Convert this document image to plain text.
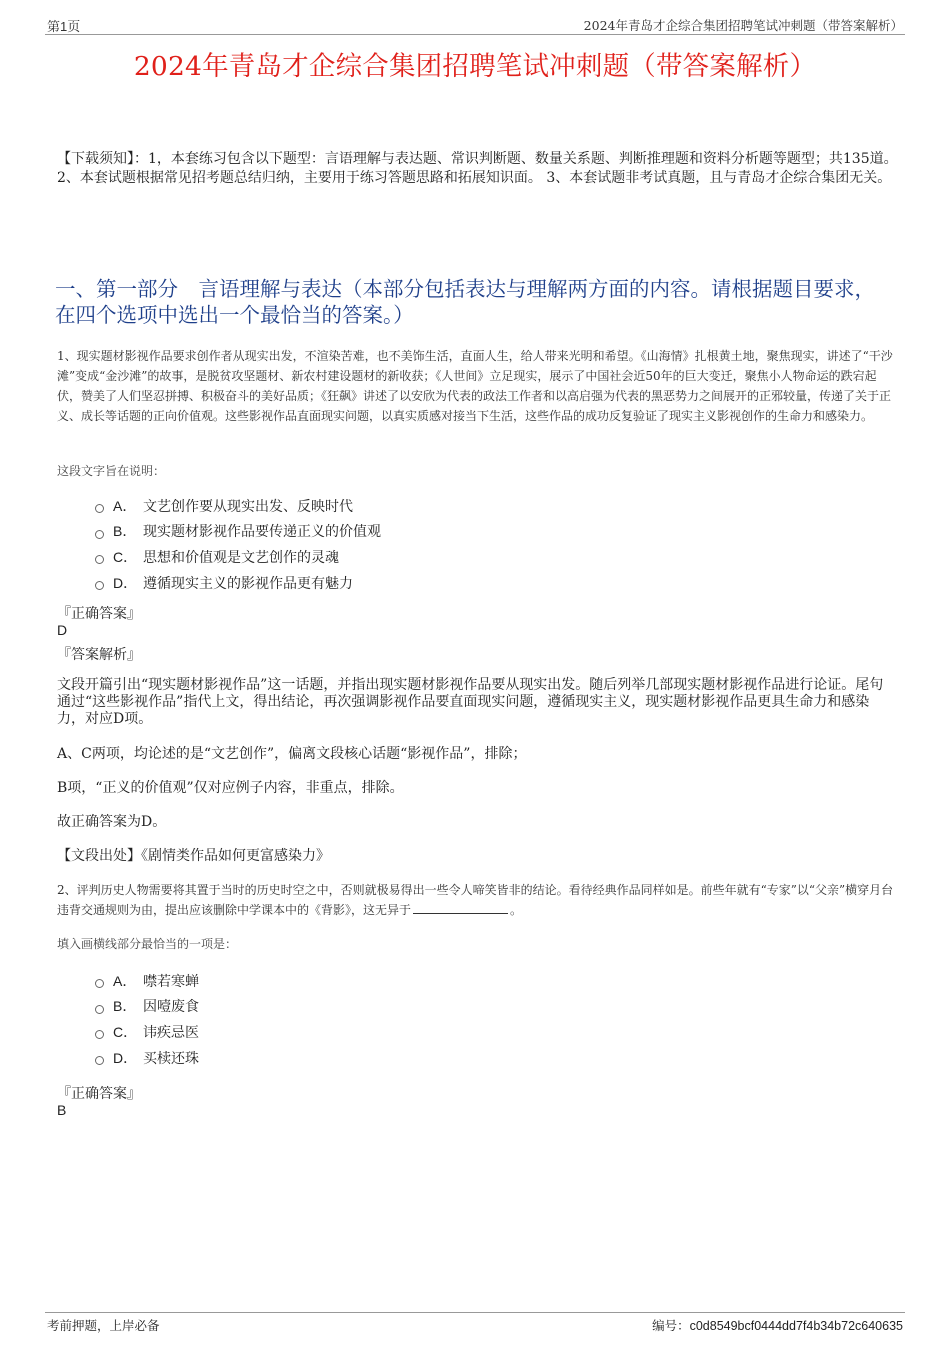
第1页	2024年青岛才企综合集团招聘笔试冲刺题（带答案解析）
2024年青岛才企综合集团招聘笔试冲刺题（带答案解析）
【下载须知】：1，本套练习包含以下题型：言语理解与表达题、常识判断题、数量关系题、判断推理题和资料分析题等题型；共135道。 2、本套试题根据常见招考题总结归纳，主要用于练习答题思路和拓展知识面。 3、本套试题非考试真题，且与青岛才企综合集团无关。
一、第一部分　言语理解与表达（本部分包括表达与理解两方面的内容。请根据题目要求，在四个选项中选出一个最恰当的答案。）
1、现实题材影视作品要求创作者从现实出发，不渲染苦难，也不美饰生活，直面人生，给人带来光明和希望。《山海情》扎根黄土地，聚焦现实，讲述了“干沙滩”变成“金沙滩”的故事，是脱贫攻坚题材、新农村建设题材的新收获；《人世间》立足现实，展示了中国社会近50年的巨大变迁，聚焦小人物命运的跌宕起伏，赞美了人们坚忍拼搏、积极奋斗的美好品质；《狂飙》讲述了以安欣为代表的政法工作者和以高启强为代表的黑恶势力之间展开的正邪较量，传递了关于正义、成长等话题的正向价值观。这些影视作品直面现实问题，以真实质感对接当下生活，这些作品的成功反复验证了现实主义影视创作的生命力和感染力。
这段文字旨在说明：
A． 文艺创作要从现实出发、反映时代
B． 现实题材影视作品要传递正义的价值观
C． 思想和价值观是文艺创作的灵魂
D． 遵循现实主义的影视作品更有魅力
『正确答案』
D
『答案解析』
文段开篇引出“现实题材影视作品”这一话题，并指出现实题材影视作品要从现实出发。随后列举几部现实题材影视作品进行论证。尾句通过“这些影视作品”指代上文，得出结论，再次强调影视作品要直面现实问题，遵循现实主义，现实题材影视作品更具生命力和感染力，对应D项。
A、C两项，均论述的是“文艺创作”，偏离文段核心话题“影视作品”，排除；
B项，“正义的价值观”仅对应例子内容，非重点，排除。
故正确答案为D。
【文段出处】《剧情类作品如何更富感染力》
2、评判历史人物需要将其置于当时的历史时空之中，否则就极易得出一些令人啼笑皆非的结论。看待经典作品同样如是。前些年就有“专家”以“父亲”横穿月台违背交通规则为由，提出应该删除中学课本中的《背影》，这无异于	。
填入画横线部分最恰当的一项是：
A． 噤若寒蝉
B． 因噎废食
C． 讳疾忌医
D． 买椟还珠
『正确答案』
B
考前押题，上岸必备	编号：c0d8549bcf0444dd7f4b34b72c640635
